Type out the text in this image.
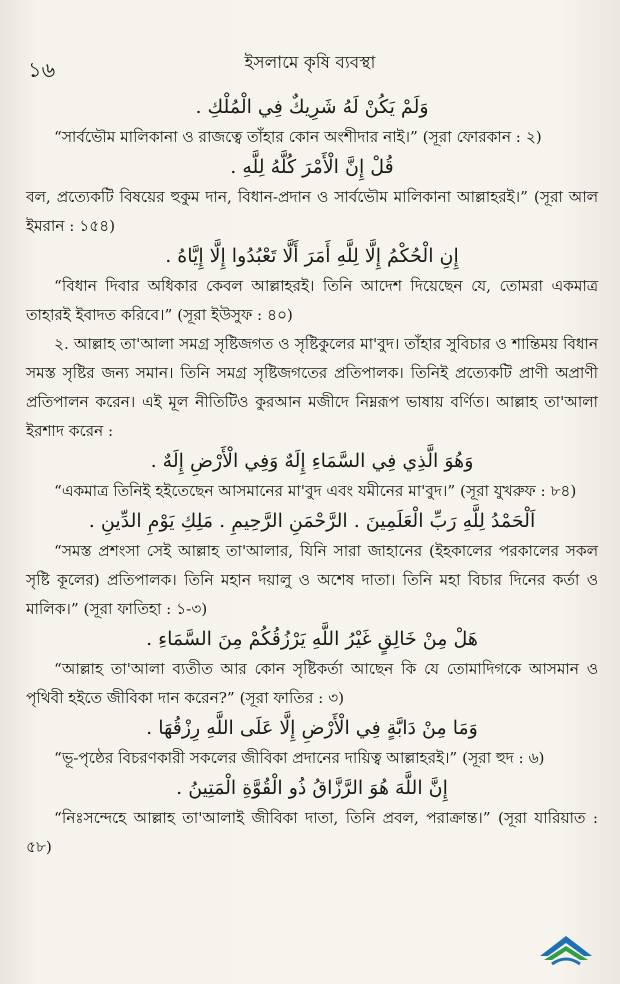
১৬	ইসলামে কৃষি ব্যবস্থা

وَلَمْ يَكُنْ لَهُ شَرِيكٌ فِي الْمُلْكِ .

“সার্বভৌম মালিকানা ও রাজত্বে তাঁহার কোন অংশীদার নাই।” (সূরা ফোরকান : ২)

قُلْ إِنَّ الْأَمْرَ كُلَّهُ لِلَّهِ .

বল, প্রত্যেকটি বিষয়ের হুকুম দান, বিধান-প্রদান ও সার্বভৌম মালিকানা আল্লাহরই।” (সূরা আল ইমরান : ১৫৪)

إِنِ الْحُكْمُ إِلَّا لِلَّهِ أَمَرَ أَلَّا تَعْبُدُوا إِلَّا إِيَّاهُ .

“বিধান দিবার অধিকার কেবল আল্লাহরই। তিনি আদেশ দিয়েছেন যে, তোমরা একমাত্র তাহারই ইবাদত করিবে।” (সূরা ইউসুফ : ৪০)

২. আল্লাহ তা'আলা সমগ্র সৃষ্টিজগত ও সৃষ্টিকুলের মা'বুদ। তাঁহার সুবিচার ও শান্তিময় বিধান সমস্ত সৃষ্টির জন্য সমান। তিনি সমগ্র সৃষ্টিজগতের প্রতিপালক। তিনিই প্রত্যেকটি প্রাণী অপ্রাণী প্রতিপালন করেন। এই মূল নীতিটিও কুরআন মজীদে নিম্নরূপ ভাষায় বর্ণিত। আল্লাহ তা'আলা ইরশাদ করেন :

وَهُوَ الَّذِي فِي السَّمَاءِ إِلَهٌ وَفِي الْأَرْضِ إِلَهٌ .

“একমাত্র তিনিই হইতেছেন আসমানের মা'বুদ এবং যমীনের মা'বুদ।” (সূরা যুখরুফ : ৮৪)

اَلْحَمْدُ لِلَّهِ رَبِّ الْعَلَمِينَ . الرَّحْمَنِ الرَّحِيمِ . مَلِكِ يَوْمِ الدِّينِ .

“সমস্ত প্রশংসা সেই আল্লাহ তা'আলার, যিনি সারা জাহানের (ইহকালের পরকালের সকল সৃষ্টি কূলের) প্রতিপালক। তিনি মহান দয়ালু ও অশেষ দাতা। তিনি মহা বিচার দিনের কর্তা ও মালিক।” (সূরা ফাতিহা : ১-৩)

هَلْ مِنْ خَالِقٍ غَيْرُ اللَّهِ يَرْزُقُكُمْ مِنَ السَّمَاءِ .

“আল্লাহ তা'আলা ব্যতীত আর কোন সৃষ্টিকর্তা আছেন কি যে তোমাদিগকে আসমান ও পৃথিবী হইতে জীবিকা দান করেন?” (সূরা ফাতির : ৩)

وَمَا مِنْ دَابَّةٍ فِي الْأَرْضِ إِلَّا عَلَى اللَّهِ رِزْقُهَا .

“ভূ-পৃষ্ঠের বিচরণকারী সকলের জীবিকা প্রদানের দায়িত্ব আল্লাহরই।” (সূরা হুদ : ৬)

إِنَّ اللَّهَ هُوَ الرَّزَّاقُ ذُو الْقُوَّةِ الْمَتِينُ .

“নিঃসন্দেহে আল্লাহ তা'আলাই জীবিকা দাতা, তিনি প্রবল, পরাক্রান্ত।” (সূরা যারিয়াত : ৫৮)
